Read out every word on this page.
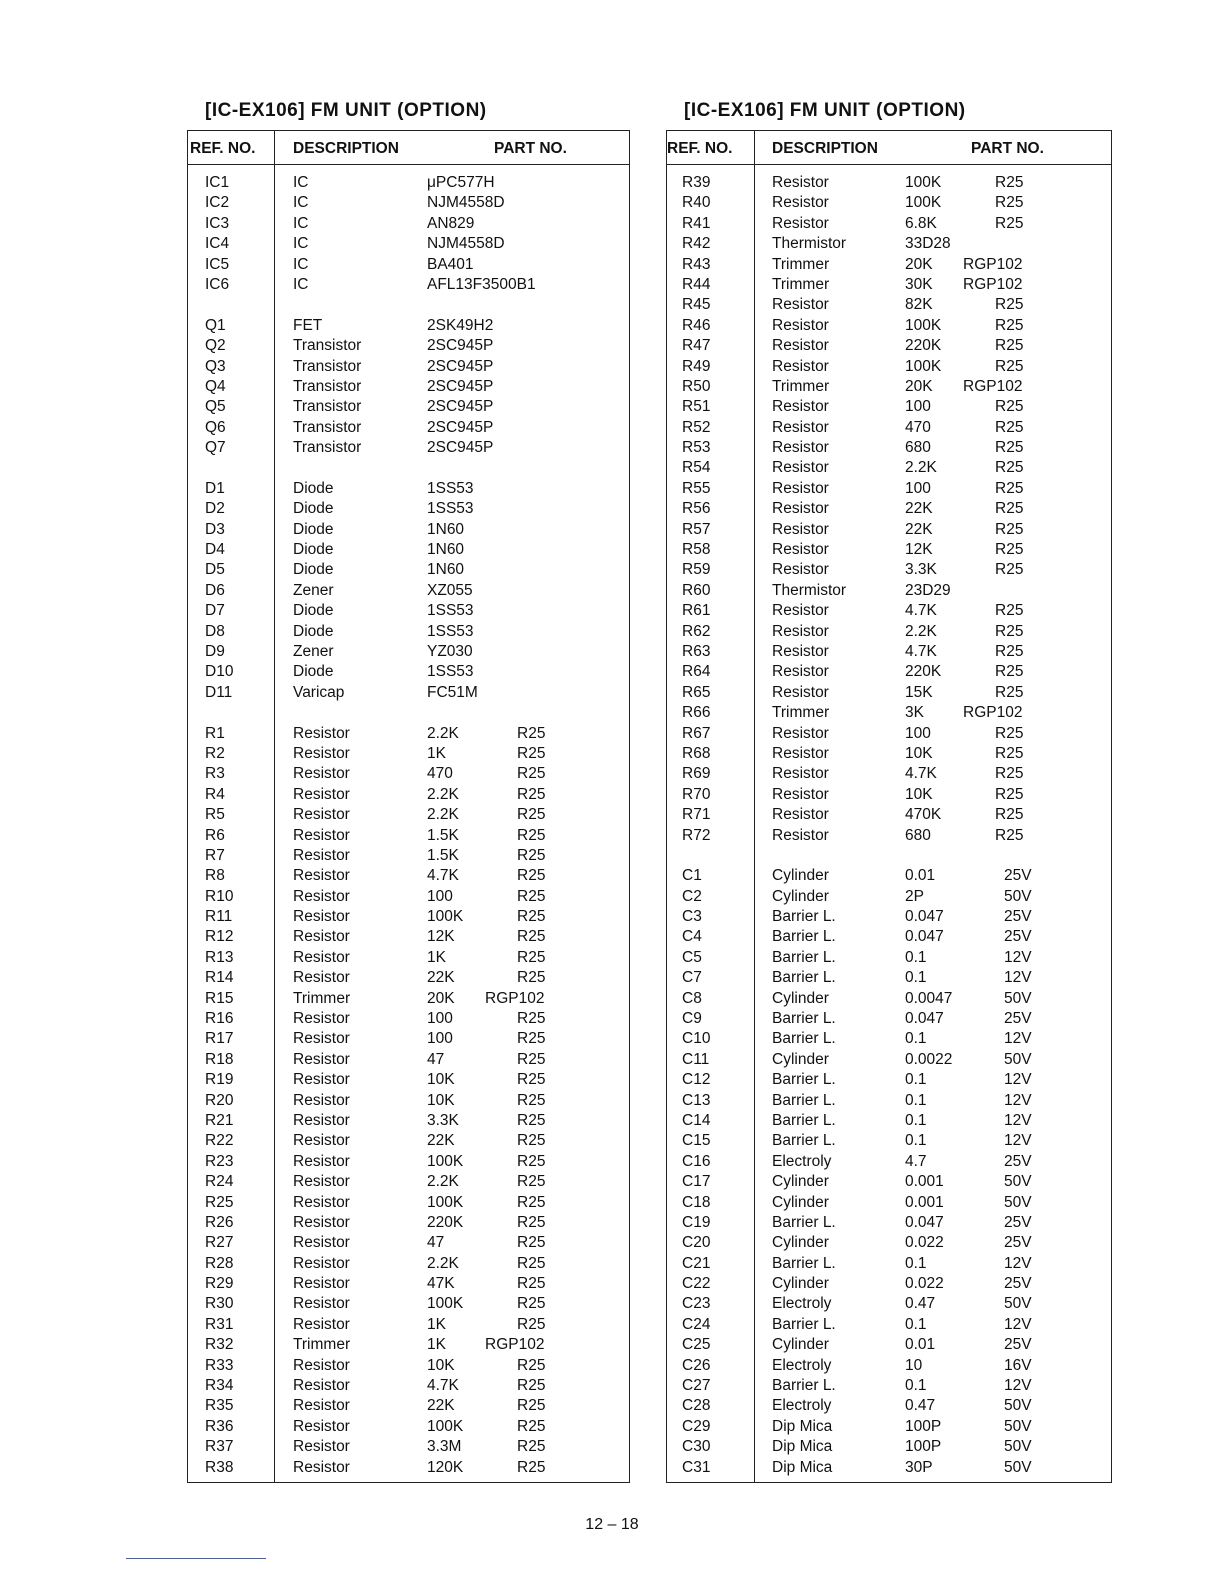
[IC-EX106] FM UNIT (OPTION)
REF. NO. DESCRIPTION	PART NO.
IC1	IC	μPC577H
IC2	IC	NJM4558D
IC3	IC	AN829
IC4	IC	NJM4558D
IC5	IC	BA401
IC6	IC	AFL13F3500B1
Q1	FET	2SK49H2
Q2	Transistor	2SC945P
Q3	Transistor	2SC945P
Q4	Transistor	2SC945P
Q5	Transistor	2SC945P
Q6	Transistor	2SC945P
Q7	Transistor	2SC945P
D1	Diode	1SS53
D2	Diode	1SS53
D3	Diode	1N60
D4	Diode	1N60
D5	Diode	1N60
D6	Zener	XZ055
D7	Diode	1SS53
D8	Diode	1SS53
D9	Zener	YZ030
D10	Diode	1SS53
D11	Varicap	FC51M
R1	Resistor	2.2K	R25
R2	Resistor	1K	R25
R3	Resistor	470	R25
R4	Resistor	2.2K	R25
R5	Resistor	2.2K	R25
R6	Resistor	1.5K	R25
R7	Resistor	1.5K	R25
R8	Resistor	4.7K	R25
R10	Resistor	100	R25
R11	Resistor	100K	R25
R12	Resistor	12K	R25
R13	Resistor	1K	R25
R14	Resistor	22K	R25
R15	Trimmer	20K RGP102
R16	Resistor	100	R25
R17	Resistor	100	R25
R18	Resistor	47	R25
R19	Resistor	10K	R25
R20	Resistor	10K	R25
R21	Resistor	3.3K	R25
R22	Resistor	22K	R25
R23	Resistor	100K	R25
R24	Resistor	2.2K	R25
R25	Resistor	100K	R25
R26	Resistor	220K	R25
R27	Resistor	47	R25
R28	Resistor	2.2K	R25
R29	Resistor	47K	R25
R30	Resistor	100K	R25
R31	Resistor	1K	R25
R32	Trimmer	1K	RGP102
R33	Resistor	10K	R25
R34	Resistor	4.7K	R25
R35	Resistor	22K	R25
R36	Resistor	100K	R25
R37	Resistor	3.3M	R25
R38	Resistor	120K	R25
[IC-EX106] FM UNIT (OPTION)
REF. NO.	DESCRIPTION	PART NO.
R39	Resistor	100K	R25
R40	Resistor	100K	R25
R41	Resistor	6.8K	R25
R42	Thermistor	33D28
R43	Trimmer	20K RGP102
R44	Trimmer	30K RGP102
R45	Resistor	82K	R25
R46	Resistor	100K	R25
R47	Resistor	220K	R25
R49	Resistor	100K	R25
R50	Trimmer	20K RGP102
R51	Resistor	100	R25
R52	Resistor	470	R25
R53	Resistor	680	R25
R54	Resistor	2.2K	R25
R55	Resistor	100	R25
R56	Resistor	22K	R25
R57	Resistor	22K	R25
R58	Resistor	12K	R25
R59	Resistor	3.3K	R25
R60	Thermistor	23D29
R61	Resistor	4.7K	R25
R62	Resistor	2.2K	R25
R63	Resistor	4.7K	R25
R64	Resistor	220K	R25
R65	Resistor	15K	R25
R66	Trimmer	3K	RGP102
R67	Resistor	100	R25
R68	Resistor	10K	R25
R69	Resistor	4.7K	R25
R70	Resistor	10K	R25
R71	Resistor	470K	R25
R72	Resistor	680	R25
C1	Cylinder	0.01	25V
C2	Cylinder	2P	50V
C3	Barrier L.	0.047	25V
C4	Barrier L.	0.047	25V
C5	Barrier L.	0.1	12V
C7	Barrier L.	0.1	12V
C8	Cylinder	0.0047	50V
C9	Barrier L.	0.047	25V
C10	Barrier L.	0.1	12V
C11	Cylinder	0.0022	50V
C12	Barrier L.	0.1	12V
C13	Barrier L.	0.1	12V
C14	Barrier L.	0.1	12V
C15	Barrier L.	0.1	12V
C16	Electroly	4.7	25V
C17	Cylinder	0.001	50V
C18	Cylinder	0.001	50V
C19	Barrier L.	0.047	25V
C20	Cylinder	0.022	25V
C21	Barrier L.	0.1	12V
C22	Cylinder	0.022	25V
C23	Electroly	0.47	50V
C24	Barrier L.	0.1	12V
C25	Cylinder	0.01	25V
C26	Electroly	10	16V
C27	Barrier L.	0.1	12V
C28	Electroly	0.47	50V
C29	Dip Mica	100P	50V
C30	Dip Mica	100P	50V
C31	Dip Mica	30P	50V
12 – 18
